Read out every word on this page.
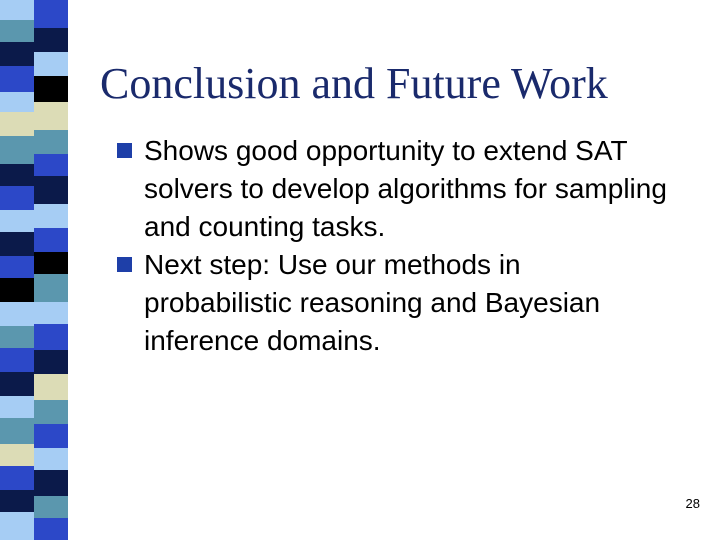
Conclusion and Future Work

Shows good opportunity to extend SAT solvers to develop algorithms for sampling and counting tasks.

Next step: Use our methods in probabilistic reasoning and Bayesian inference domains.

28
